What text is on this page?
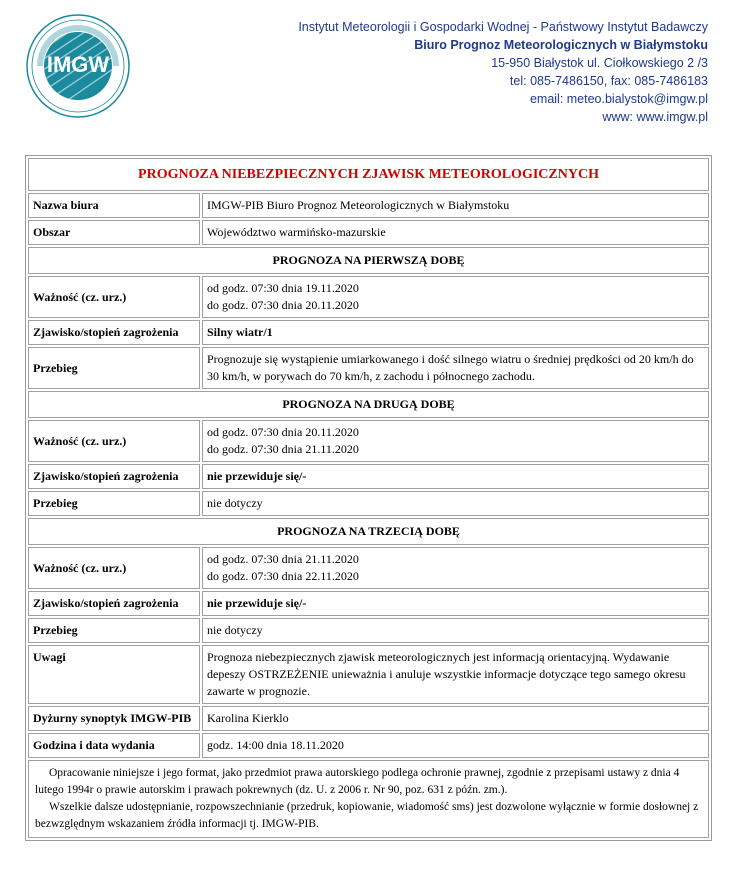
IMGW
Instytut Meteorologii i Gospodarki Wodnej - Państwowy Instytut Badawczy
Biuro Prognoz Meteorologicznych w Białymstoku
15-950 Białystok ul. Ciołkowskiego 2 /3
tel: 085-7486150, fax: 085-7486183
email: meteo.bialystok@imgw.pl
www: www.imgw.pl
PROGNOZA NIEBEZPIECZNYCH ZJAWISK METEOROLOGICZNYCH	
Nazwa biura	IMGW-PIB Biuro Prognoz Meteorologicznych w Białymstoku
Obszar	Województwo warmińsko-mazurskie
PROGNOZA NA PIERWSZĄ DOBĘ	
Ważność (cz. urz.)	od godz. 07:30 dnia 19.11.2020
do godz. 07:30 dnia 20.11.2020

Zjawisko/stopień zagrożenia	Silny wiatr/1
Przebieg	Prognozuje się wystąpienie umiarkowanego i dość silnego wiatru o średniej prędkości od 20 km/h do 30 km/h, w porywach do 70 km/h, z zachodu i północnego zachodu.
PROGNOZA NA DRUGĄ DOBĘ	
Ważność (cz. urz.)	od godz. 07:30 dnia 20.11.2020
do godz. 07:30 dnia 21.11.2020

Zjawisko/stopień zagrożenia	nie przewiduje się/-
Przebieg	nie dotyczy
PROGNOZA NA TRZECIĄ DOBĘ	
Ważność (cz. urz.)	od godz. 07:30 dnia 21.11.2020
do godz. 07:30 dnia 22.11.2020

Zjawisko/stopień zagrożenia	nie przewiduje się/-
Przebieg	nie dotyczy
Uwagi	Prognoza niebezpiecznych zjawisk meteorologicznych jest informacją orientacyjną. Wydawanie depeszy OSTRZEŻENIE unieważnia i anuluje wszystkie informacje dotyczące tego samego okresu zawarte w prognozie.
Dyżurny synoptyk IMGW-PIB	Karolina Kierklo
Godzina i data wydania	godz. 14:00 dnia 18.11.2020

Opracowanie niniejsze i jego format, jako przedmiot prawa autorskiego podlega ochronie prawnej, zgodnie z przepisami ustawy z dnia 4 lutego 1994r o prawie autorskim i prawach pokrewnych (dz. U. z 2006 r. Nr 90, poz. 631 z późn. zm.).
Wszelkie dalsze udostępnianie, rozpowszechnianie (przedruk, kopiowanie, wiadomość sms) jest dozwolone wyłącznie w formie dosłownej z bezwzględnym wskazaniem źródła informacji tj. IMGW-PIB.	
